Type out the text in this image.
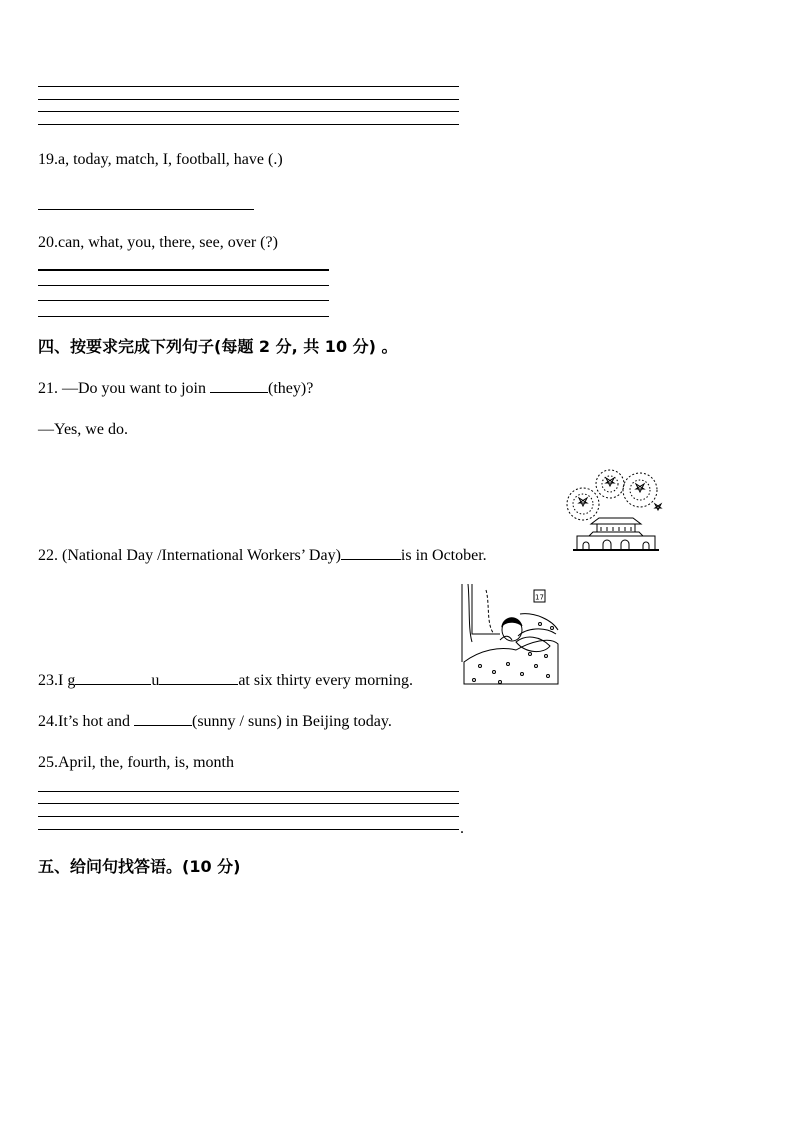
19.a, today, match, I, football, have (.)
20.can, what, you, there, see, over (?)
四、按要求完成下列句子(每题 2 分, 共 10 分) 。
21. —Do you want to join	(they)?
—Yes, we do.
22. (National Day /International Workers’ Day)	is in October.
17
23.I g	u	at six thirty every morning.
24.It’s hot and	(sunny / suns) in Beijing today.
25.April, the, fourth, is, month
.
五、给问句找答语。(10 分)
